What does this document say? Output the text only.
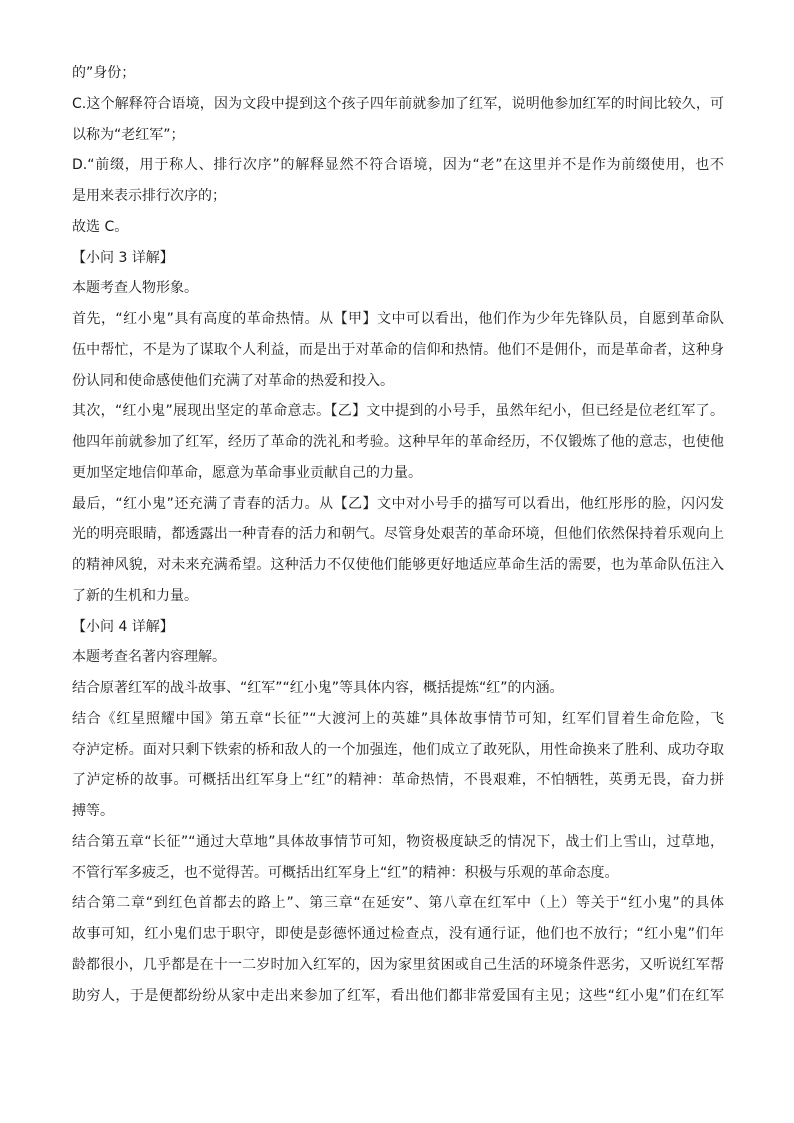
的”身份；
C.这个解释符合语境，因为文段中提到这个孩子四年前就参加了红军，说明他参加红军的时间比较久，可
以称为“老红军”；
D.“前缀，用于称人、排行次序”的解释显然不符合语境，因为“老”在这里并不是作为前缀使用，也不
是用来表示排行次序的；
故选 C。
【小问 3 详解】
本题考查人物形象。
首先，“红小鬼”具有高度的革命热情。从【甲】文中可以看出，他们作为少年先锋队员，自愿到革命队
伍中帮忙，不是为了谋取个人利益，而是出于对革命的信仰和热情。他们不是佣仆，而是革命者，这种身
份认同和使命感使他们充满了对革命的热爱和投入。
其次，“红小鬼”展现出坚定的革命意志。【乙】文中提到的小号手，虽然年纪小，但已经是位老红军了。
他四年前就参加了红军，经历了革命的洗礼和考验。这种早年的革命经历，不仅锻炼了他的意志，也使他
更加坚定地信仰革命，愿意为革命事业贡献自己的力量。
最后，“红小鬼”还充满了青春的活力。从【乙】文中对小号手的描写可以看出，他红彤彤的脸，闪闪发
光的明亮眼睛，都透露出一种青春的活力和朝气。尽管身处艰苦的革命环境，但他们依然保持着乐观向上
的精神风貌，对未来充满希望。这种活力不仅使他们能够更好地适应革命生活的需要，也为革命队伍注入
了新的生机和力量。
【小问 4 详解】
本题考查名著内容理解。
结合原著红军的战斗故事、“红军”“红小鬼”等具体内容，概括提炼“红”的内涵。
结合《红星照耀中国》第五章“长征”“大渡河上的英雄”具体故事情节可知，红军们冒着生命危险，飞
夺泸定桥。面对只剩下铁索的桥和敌人的一个加强连，他们成立了敢死队，用性命换来了胜利、成功夺取
了泸定桥的故事。可概括出红军身上“红”的精神：革命热情，不畏艰难，不怕牺牲，英勇无畏，奋力拼
搏等。
结合第五章“长征”“通过大草地”具体故事情节可知，物资极度缺乏的情况下，战士们上雪山，过草地，
不管行军多疲乏，也不觉得苦。可概括出红军身上“红”的精神：积极与乐观的革命态度。
结合第二章“到红色首都去的路上”、第三章“在延安”、第八章在红军中（上）等关于“红小鬼”的具体
故事可知，红小鬼们忠于职守，即使是彭德怀通过检查点，没有通行证，他们也不放行；“红小鬼”们年
龄都很小，几乎都是在十一二岁时加入红军的，因为家里贫困或自己生活的环境条件恶劣，又听说红军帮
助穷人，于是便都纷纷从家中走出来参加了红军，看出他们都非常爱国有主见；这些“红小鬼”们在红军
